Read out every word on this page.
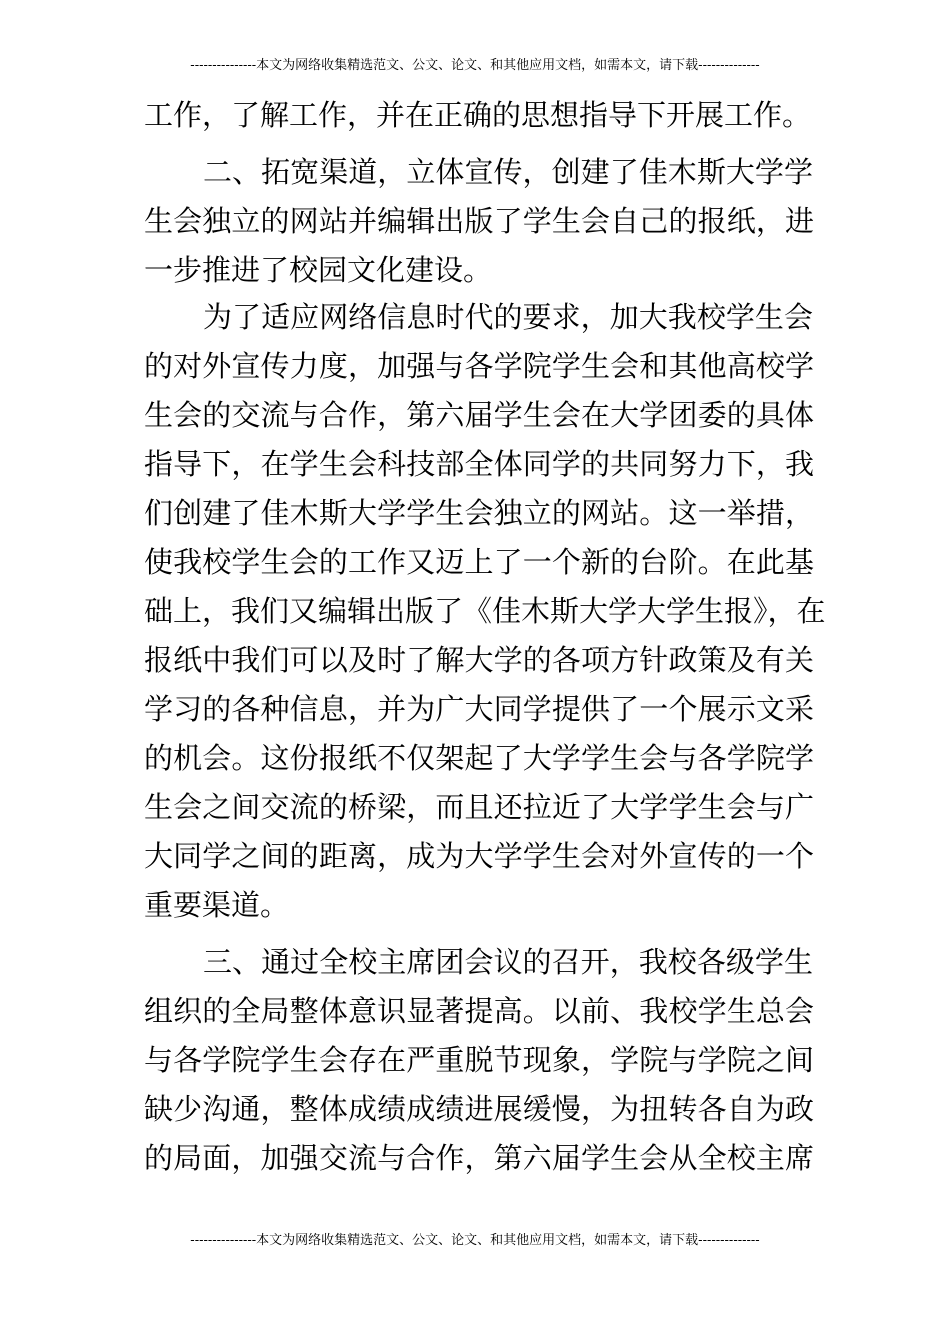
---------------本文为网络收集精选范文、公文、论文、和其他应用文档，如需本文，请下载--------------
工作，了解工作，并在正确的思想指导下开展工作。
二、拓宽渠道，立体宣传，创建了佳木斯大学学
生会独立的网站并编辑出版了学生会自己的报纸，进
一步推进了校园文化建设。
为了适应网络信息时代的要求，加大我校学生会
的对外宣传力度，加强与各学院学生会和其他高校学
生会的交流与合作，第六届学生会在大学团委的具体
指导下，在学生会科技部全体同学的共同努力下，我
们创建了佳木斯大学学生会独立的网站。这一举措，
使我校学生会的工作又迈上了一个新的台阶。在此基
础上，我们又编辑出版了《佳木斯大学大学生报》，在
报纸中我们可以及时了解大学的各项方针政策及有关
学习的各种信息，并为广大同学提供了一个展示文采
的机会。这份报纸不仅架起了大学学生会与各学院学
生会之间交流的桥梁，而且还拉近了大学学生会与广
大同学之间的距离，成为大学学生会对外宣传的一个
重要渠道。
三、通过全校主席团会议的召开，我校各级学生
组织的全局整体意识显著提高。以前、我校学生总会
与各学院学生会存在严重脱节现象，学院与学院之间
缺少沟通，整体成绩成绩进展缓慢，为扭转各自为政
的局面，加强交流与合作，第六届学生会从全校主席
---------------本文为网络收集精选范文、公文、论文、和其他应用文档，如需本文，请下载--------------
